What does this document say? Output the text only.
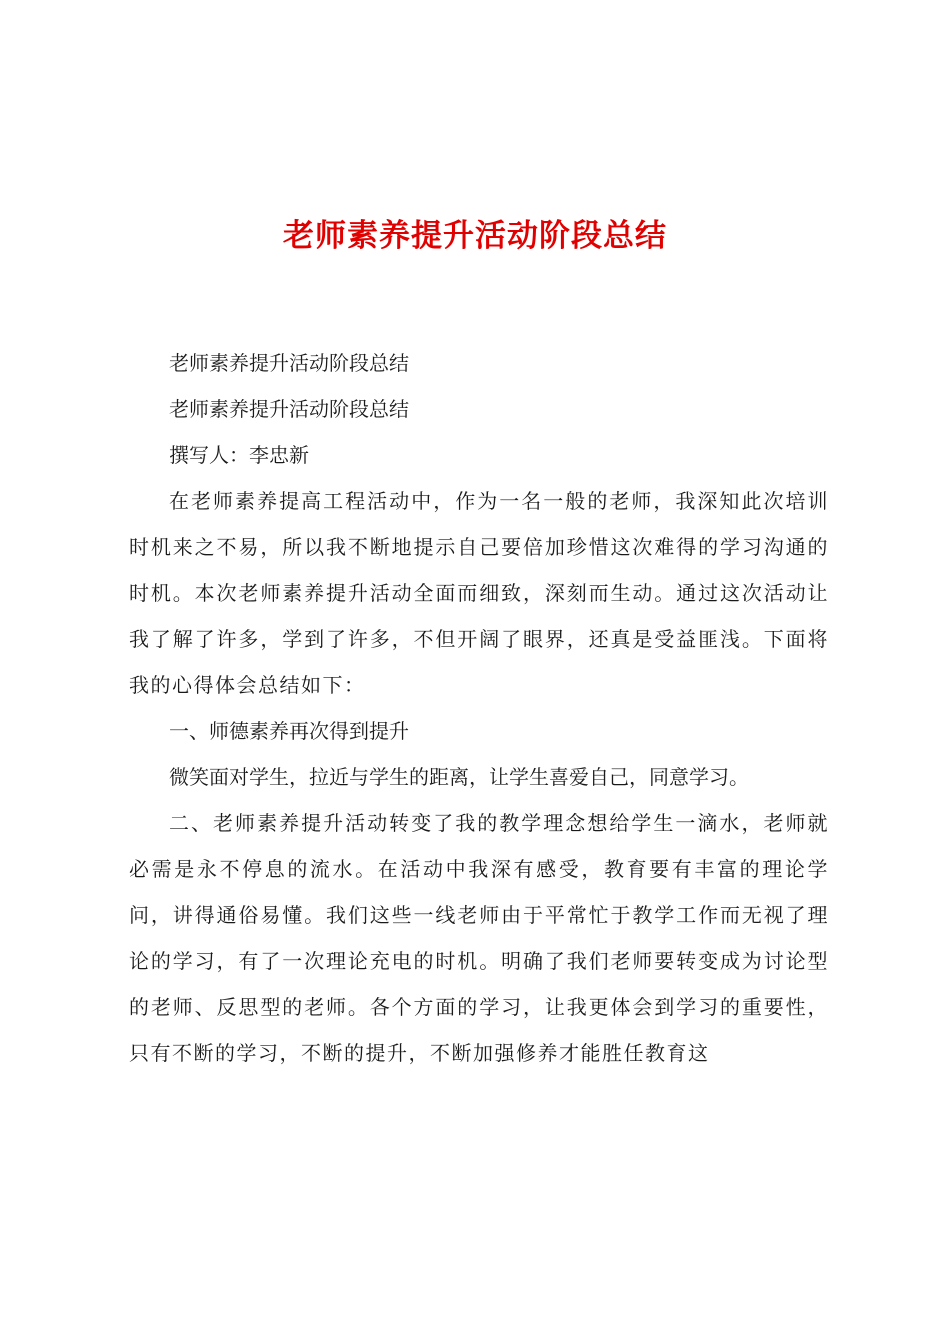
老师素养提升活动阶段总结

老师素养提升活动阶段总结

老师素养提升活动阶段总结

撰写人：李忠新

在老师素养提高工程活动中，作为一名一般的老师，我深知此次培训时机来之不易，所以我不断地提示自己要倍加珍惜这次难得的学习沟通的时机。本次老师素养提升活动全面而细致，深刻而生动。通过这次活动让我了解了许多，学到了许多，不但开阔了眼界，还真是受益匪浅。下面将我的心得体会总结如下：

一、师德素养再次得到提升

微笑面对学生，拉近与学生的距离，让学生喜爱自己，同意学习。

二、老师素养提升活动转变了我的教学理念想给学生一滴水，老师就必需是永不停息的流水。在活动中我深有感受，教育要有丰富的理论学问，讲得通俗易懂。我们这些一线老师由于平常忙于教学工作而无视了理论的学习，有了一次理论充电的时机。明确了我们老师要转变成为讨论型的老师、反思型的老师。各个方面的学习，让我更体会到学习的重要性，只有不断的学习，不断的提升，不断加强修养才能胜任教育这
